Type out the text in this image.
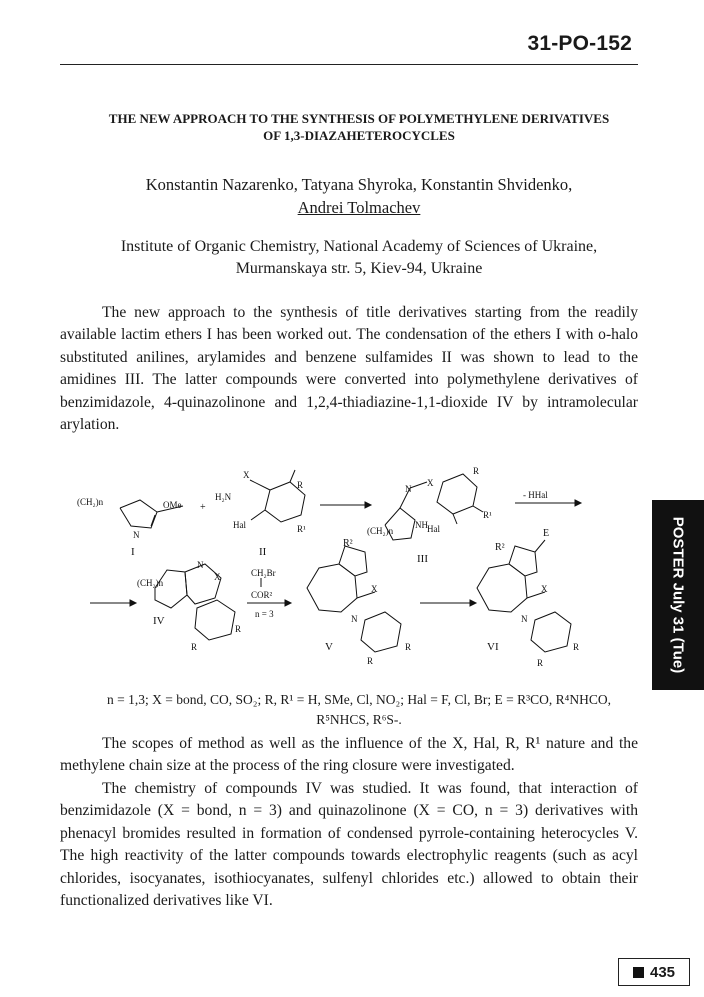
31-PO-152
THE NEW APPROACH TO THE SYNTHESIS OF POLYMETHYLENE DERIVATIVES
OF 1,3-DIAZAHETEROCYCLES
Konstantin Nazarenko, Tatyana Shyroka, Konstantin Shvidenko,
Andrei Tolmachev
Institute of Organic Chemistry, National Academy of Sciences of Ukraine,
Murmanskaya str. 5, Kiev-94, Ukraine
The new approach to the synthesis of title derivatives starting from the readily available lactim ethers I has been worked out. The condensation of the ethers I with o-halo substituted anilines, arylamides and benzene sulfamides II was shown to lead to the amidines III. The latter compounds were converted into polymethylene derivatives of benzimidazole, 4-quinazolinone and 1,2,4-thiadiazine-1,1-dioxide IV by intramolecular arylation.
(CH₂)n	OMe
N
I
+
H₂N
X
R
Hal	R¹
II
N
X
R
R¹
NH Hal
(CH₂)n
III
- HHal
(CH₂)n
N
X
R
R
IV
CH₂Br
COR²
n = 3
R²
X
N
R
R
V
R²
E
X
N
R
R
VI
n = 1,3; X = bond, CO, SO₂; R, R¹ = H, SMe, Cl, NO₂; Hal = F, Cl, Br; E = R³CO, R⁴NHCO,
R⁵NHCS, R⁶S-.
The scopes of method as well as the influence of the X, Hal, R, R¹ nature and the methylene chain size at the process of the ring closure were investigated.
The chemistry of compounds IV was studied. It was found, that interaction of benzimidazole (X = bond, n = 3) and quinazolinone (X = CO, n = 3) derivatives with phenacyl bromides resulted in formation of condensed pyrrole-containing heterocycles V. The high reactivity of the latter compounds towards electrophylic reagents (such as acyl chlorides, isocyanates, isothiocyanates, sulfenyl chlorides etc.) allowed to obtain their functionalized derivatives like VI.
POSTER July 31 (Tue)
435
